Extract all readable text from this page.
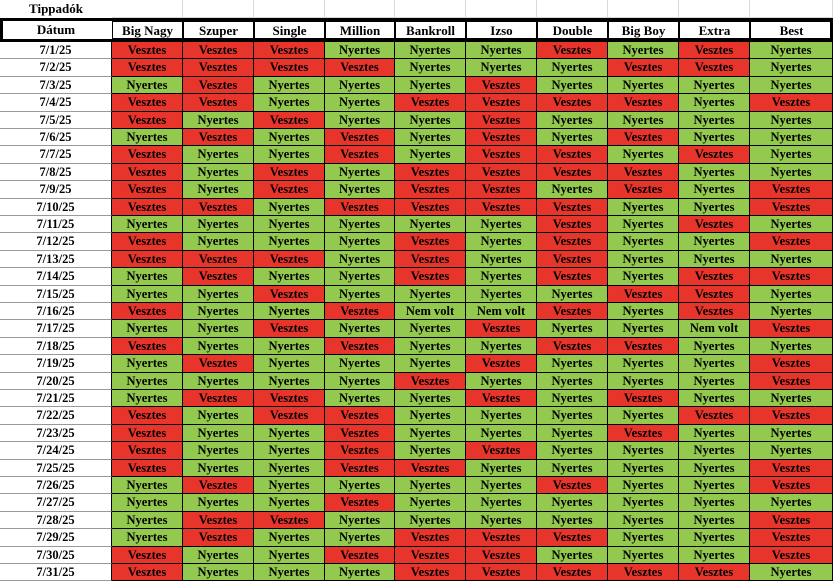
Tippadók
Dátum	Big Nagy	Szuper	Single	Million	Bankroll	Izso	Double	Big Boy	Extra	Best
7/1/25	Vesztes	Vesztes	Vesztes	Nyertes	Nyertes	Nyertes	Vesztes	Nyertes	Vesztes	Nyertes
7/2/25	Vesztes	Vesztes	Vesztes	Vesztes	Nyertes	Nyertes	Nyertes	Vesztes	Vesztes	Nyertes
7/3/25	Nyertes	Vesztes	Nyertes	Nyertes	Nyertes	Vesztes	Nyertes	Nyertes	Nyertes	Nyertes
7/4/25	Vesztes	Vesztes	Nyertes	Nyertes	Vesztes	Vesztes	Vesztes	Vesztes	Nyertes	Vesztes
7/5/25	Vesztes	Nyertes	Vesztes	Nyertes	Nyertes	Vesztes	Nyertes	Nyertes	Nyertes	Nyertes
7/6/25	Nyertes	Vesztes	Nyertes	Vesztes	Nyertes	Vesztes	Nyertes	Vesztes	Nyertes	Nyertes
7/7/25	Vesztes	Nyertes	Nyertes	Vesztes	Nyertes	Vesztes	Vesztes	Nyertes	Vesztes	Nyertes
7/8/25	Vesztes	Nyertes	Vesztes	Nyertes	Vesztes	Vesztes	Vesztes	Vesztes	Nyertes	Nyertes
7/9/25	Vesztes	Nyertes	Vesztes	Nyertes	Vesztes	Vesztes	Nyertes	Vesztes	Nyertes	Vesztes
7/10/25	Vesztes	Vesztes	Nyertes	Vesztes	Vesztes	Vesztes	Vesztes	Nyertes	Nyertes	Vesztes
7/11/25	Nyertes	Nyertes	Nyertes	Nyertes	Nyertes	Nyertes	Vesztes	Nyertes	Vesztes	Nyertes
7/12/25	Vesztes	Nyertes	Nyertes	Nyertes	Vesztes	Nyertes	Vesztes	Nyertes	Nyertes	Vesztes
7/13/25	Vesztes	Vesztes	Vesztes	Nyertes	Vesztes	Nyertes	Vesztes	Nyertes	Nyertes	Nyertes
7/14/25	Nyertes	Vesztes	Nyertes	Nyertes	Vesztes	Nyertes	Vesztes	Nyertes	Vesztes	Vesztes
7/15/25	Nyertes	Nyertes	Vesztes	Nyertes	Nyertes	Nyertes	Nyertes	Vesztes	Vesztes	Nyertes
7/16/25	Vesztes	Nyertes	Nyertes	Vesztes	Nem volt	Nem volt	Vesztes	Nyertes	Vesztes	Nyertes
7/17/25	Nyertes	Nyertes	Vesztes	Nyertes	Nyertes	Vesztes	Nyertes	Nyertes	Nem volt	Vesztes
7/18/25	Vesztes	Nyertes	Nyertes	Vesztes	Nyertes	Nyertes	Vesztes	Vesztes	Nyertes	Nyertes
7/19/25	Nyertes	Vesztes	Nyertes	Nyertes	Nyertes	Vesztes	Nyertes	Nyertes	Nyertes	Vesztes
7/20/25	Nyertes	Nyertes	Nyertes	Nyertes	Vesztes	Nyertes	Nyertes	Nyertes	Nyertes	Vesztes
7/21/25	Nyertes	Vesztes	Vesztes	Nyertes	Nyertes	Vesztes	Nyertes	Vesztes	Nyertes	Nyertes
7/22/25	Vesztes	Nyertes	Vesztes	Vesztes	Nyertes	Nyertes	Nyertes	Nyertes	Vesztes	Vesztes
7/23/25	Vesztes	Nyertes	Nyertes	Vesztes	Nyertes	Nyertes	Nyertes	Vesztes	Nyertes	Nyertes
7/24/25	Vesztes	Nyertes	Nyertes	Vesztes	Nyertes	Vesztes	Nyertes	Nyertes	Nyertes	Nyertes
7/25/25	Vesztes	Nyertes	Nyertes	Vesztes	Vesztes	Nyertes	Nyertes	Nyertes	Nyertes	Vesztes
7/26/25	Nyertes	Vesztes	Nyertes	Nyertes	Nyertes	Nyertes	Vesztes	Nyertes	Nyertes	Vesztes
7/27/25	Nyertes	Nyertes	Nyertes	Vesztes	Nyertes	Nyertes	Nyertes	Nyertes	Nyertes	Nyertes
7/28/25	Nyertes	Vesztes	Vesztes	Nyertes	Nyertes	Nyertes	Nyertes	Nyertes	Nyertes	Vesztes
7/29/25	Nyertes	Vesztes	Nyertes	Nyertes	Vesztes	Vesztes	Vesztes	Nyertes	Nyertes	Vesztes
7/30/25	Vesztes	Nyertes	Nyertes	Vesztes	Vesztes	Vesztes	Nyertes	Nyertes	Nyertes	Vesztes
7/31/25	Vesztes	Nyertes	Nyertes	Nyertes	Vesztes	Vesztes	Vesztes	Vesztes	Vesztes	Nyertes
